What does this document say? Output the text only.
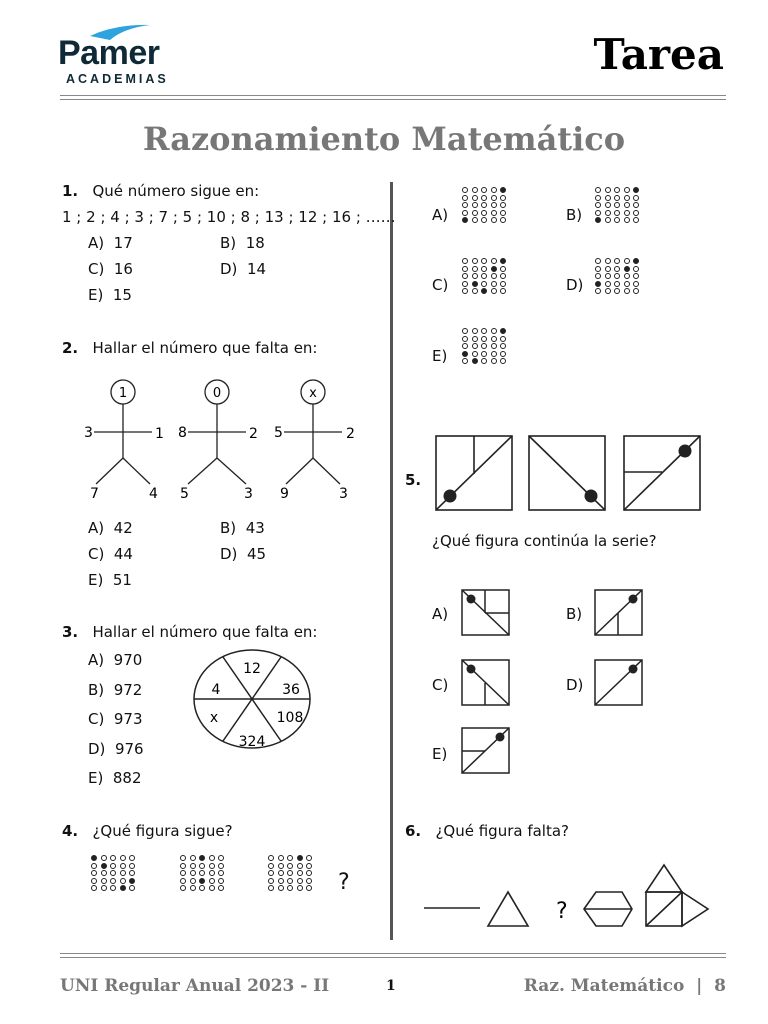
Pamer
ACADEMIAS	Tarea
Razonamiento Matemático
1. Qué número sigue en:
1 ; 2 ; 4 ; 3 ; 7 ; 5 ; 10 ; 8 ; 13 ; 12 ; 16 ; ……
A) 17	B) 18
C) 16	D) 14
E) 15
2. Hallar el número que falta en:
1
3	1
7	4
0
8	2
5	3
x
5	2
9	3
A) 42	B) 43
C) 44	D) 45
E) 51
3. Hallar el número que falta en:
A) 970
B) 972
C) 973
D) 976
E) 882
12
36
108
324
x
4
4. ¿Qué figura sigue?
?
A)	B)
C)	D)
E)
5.
¿Qué figura continúa la serie?
A)	B)
C)	D)
E)
6. ¿Qué figura falta?
?
UNI Regular Anual 2023 - II	1	Raz. Matemático  |  8
